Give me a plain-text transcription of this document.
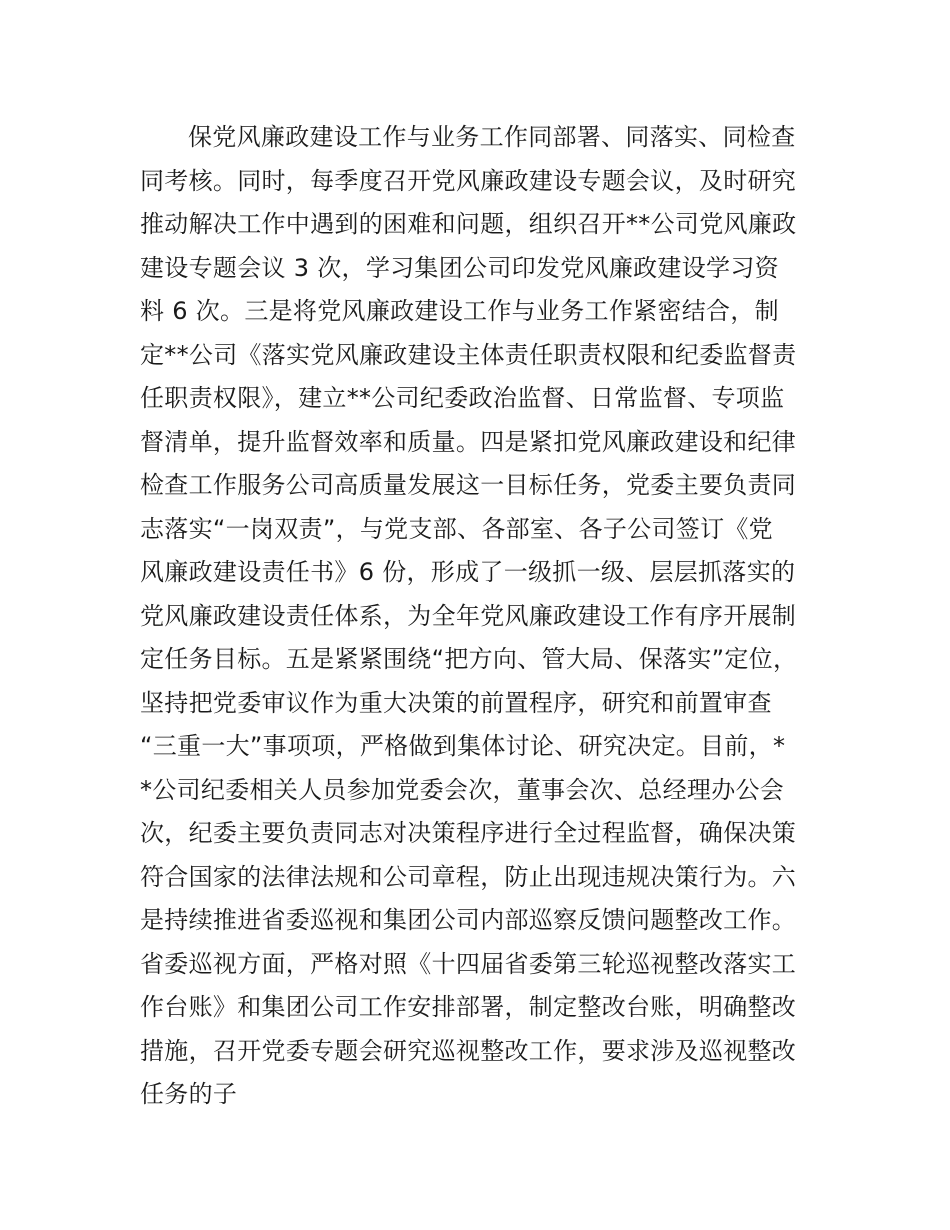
保党风廉政建设工作与业务工作同部署、同落实、同检查
同考核。同时，每季度召开党风廉政建设专题会议，及时研究
推动解决工作中遇到的困难和问题，组织召开**公司党风廉政
建设专题会议 3 次，学习集团公司印发党风廉政建设学习资
料 6 次。三是将党风廉政建设工作与业务工作紧密结合，制
定**公司《落实党风廉政建设主体责任职责权限和纪委监督责
任职责权限》，建立**公司纪委政治监督、日常监督、专项监
督清单，提升监督效率和质量。四是紧扣党风廉政建设和纪律
检查工作服务公司高质量发展这一目标任务，党委主要负责同
志落实“一岗双责”，与党支部、各部室、各子公司签订《党
风廉政建设责任书》6 份，形成了一级抓一级、层层抓落实的
党风廉政建设责任体系，为全年党风廉政建设工作有序开展制
定任务目标。五是紧紧围绕“把方向、管大局、保落实”定位，
坚持把党委审议作为重大决策的前置程序，研究和前置审查
“三重一大”事项项，严格做到集体讨论、研究决定。目前，*
*公司纪委相关人员参加党委会次，董事会次、总经理办公会
次，纪委主要负责同志对决策程序进行全过程监督，确保决策
符合国家的法律法规和公司章程，防止出现违规决策行为。六
是持续推进省委巡视和集团公司内部巡察反馈问题整改工作。
省委巡视方面，严格对照《十四届省委第三轮巡视整改落实工
作台账》和集团公司工作安排部署，制定整改台账，明确整改
措施，召开党委专题会研究巡视整改工作，要求涉及巡视整改
任务的子
